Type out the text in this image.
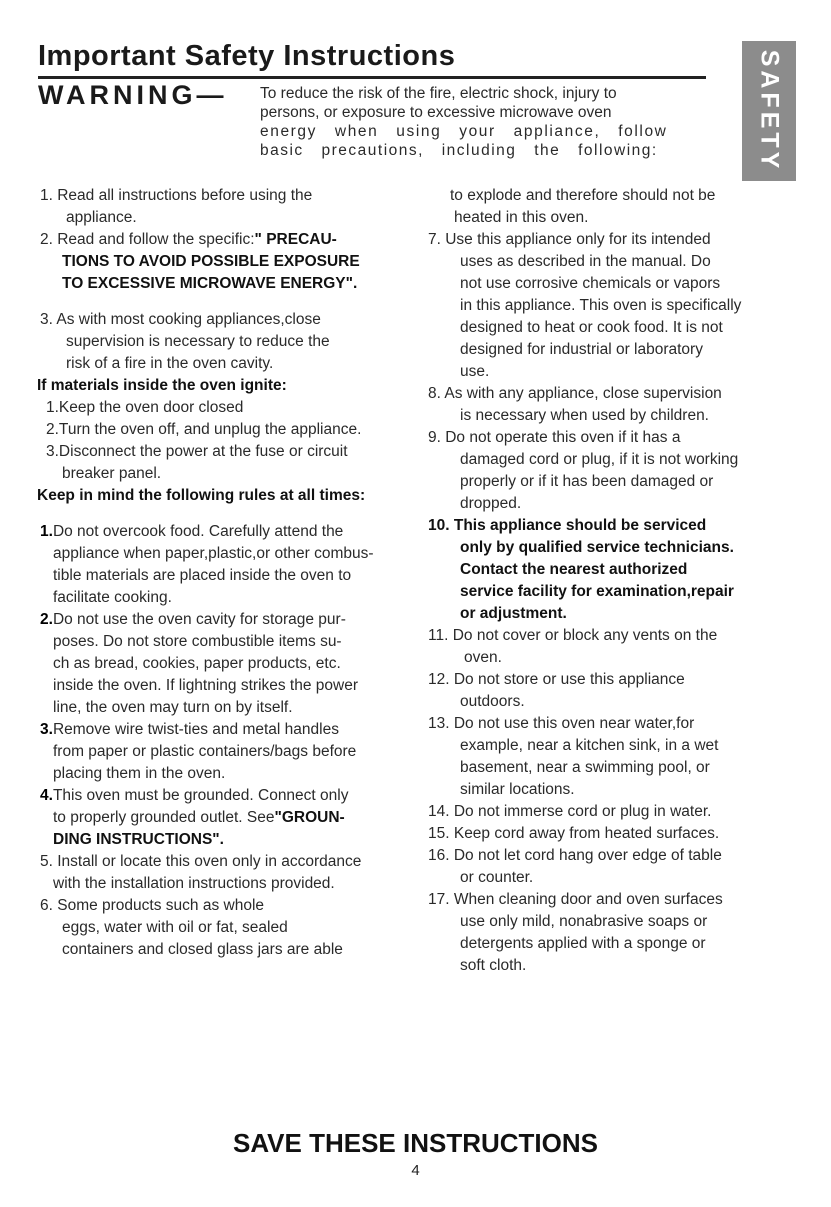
Important Safety Instructions
WARNING— To reduce the risk of the fire, electric shock, injury to
persons, or exposure to excessive microwave oven
energy when using your appliance, follow
basic precautions, including the following:	SAFETY
1. Read all instructions before using the
appliance.
2. Read and follow the specific:" PRECAU-
TIONS TO AVOID POSSIBLE EXPOSURE
TO EXCESSIVE MICROWAVE ENERGY".
3. As with most cooking appliances,close
supervision is necessary to reduce the
risk of a fire in the oven cavity.
If materials inside the oven ignite:
1.Keep the oven door closed
2.Turn the oven off, and unplug the appliance.
3.Disconnect the power at the fuse or circuit
breaker panel.
Keep in mind the following rules at all times:
1.Do not overcook food. Carefully attend the
appliance when paper,plastic,or other combus-
tible materials are placed inside the oven to
facilitate cooking.
2.Do not use the oven cavity for storage pur-
poses. Do not store combustible items su-
ch as bread, cookies, paper products, etc.
inside the oven. If lightning strikes the power
line, the oven may turn on by itself.
3.Remove wire twist-ties and metal handles
from paper or plastic containers/bags before
placing them in the oven.
4.This oven must be grounded. Connect only
to properly grounded outlet. See"GROUN-
DING INSTRUCTIONS".
5. Install or locate this oven only in accordance
with the installation instructions provided.
6. Some products such as whole
eggs, water with oil or fat, sealed
containers and closed glass jars are able
to explode and therefore should not be
heated in this oven.
7. Use this appliance only for its intended
uses as described in the manual. Do
not use corrosive chemicals or vapors
in this appliance. This oven is specifically
designed to heat or cook food. It is not
designed for industrial or laboratory
use.
8. As with any appliance, close supervision
is necessary when used by children.
9. Do not operate this oven if it has a
damaged cord or plug, if it is not working
properly or if it has been damaged or
dropped.
10. This appliance should be serviced
only by qualified service technicians.
Contact the nearest authorized
service facility for examination,repair
or adjustment.
11. Do not cover or block any vents on the
oven.
12. Do not store or use this appliance
outdoors.
13. Do not use this oven near water,for
example, near a kitchen sink, in a wet
basement, near a swimming pool, or
similar locations.
14. Do not immerse cord or plug in water.
15. Keep cord away from heated surfaces.
16. Do not let cord hang over edge of table
or counter.
17. When cleaning door and oven surfaces
use only mild, nonabrasive soaps or
detergents applied with a sponge or
soft cloth.
SAVE THESE INSTRUCTIONS
4
